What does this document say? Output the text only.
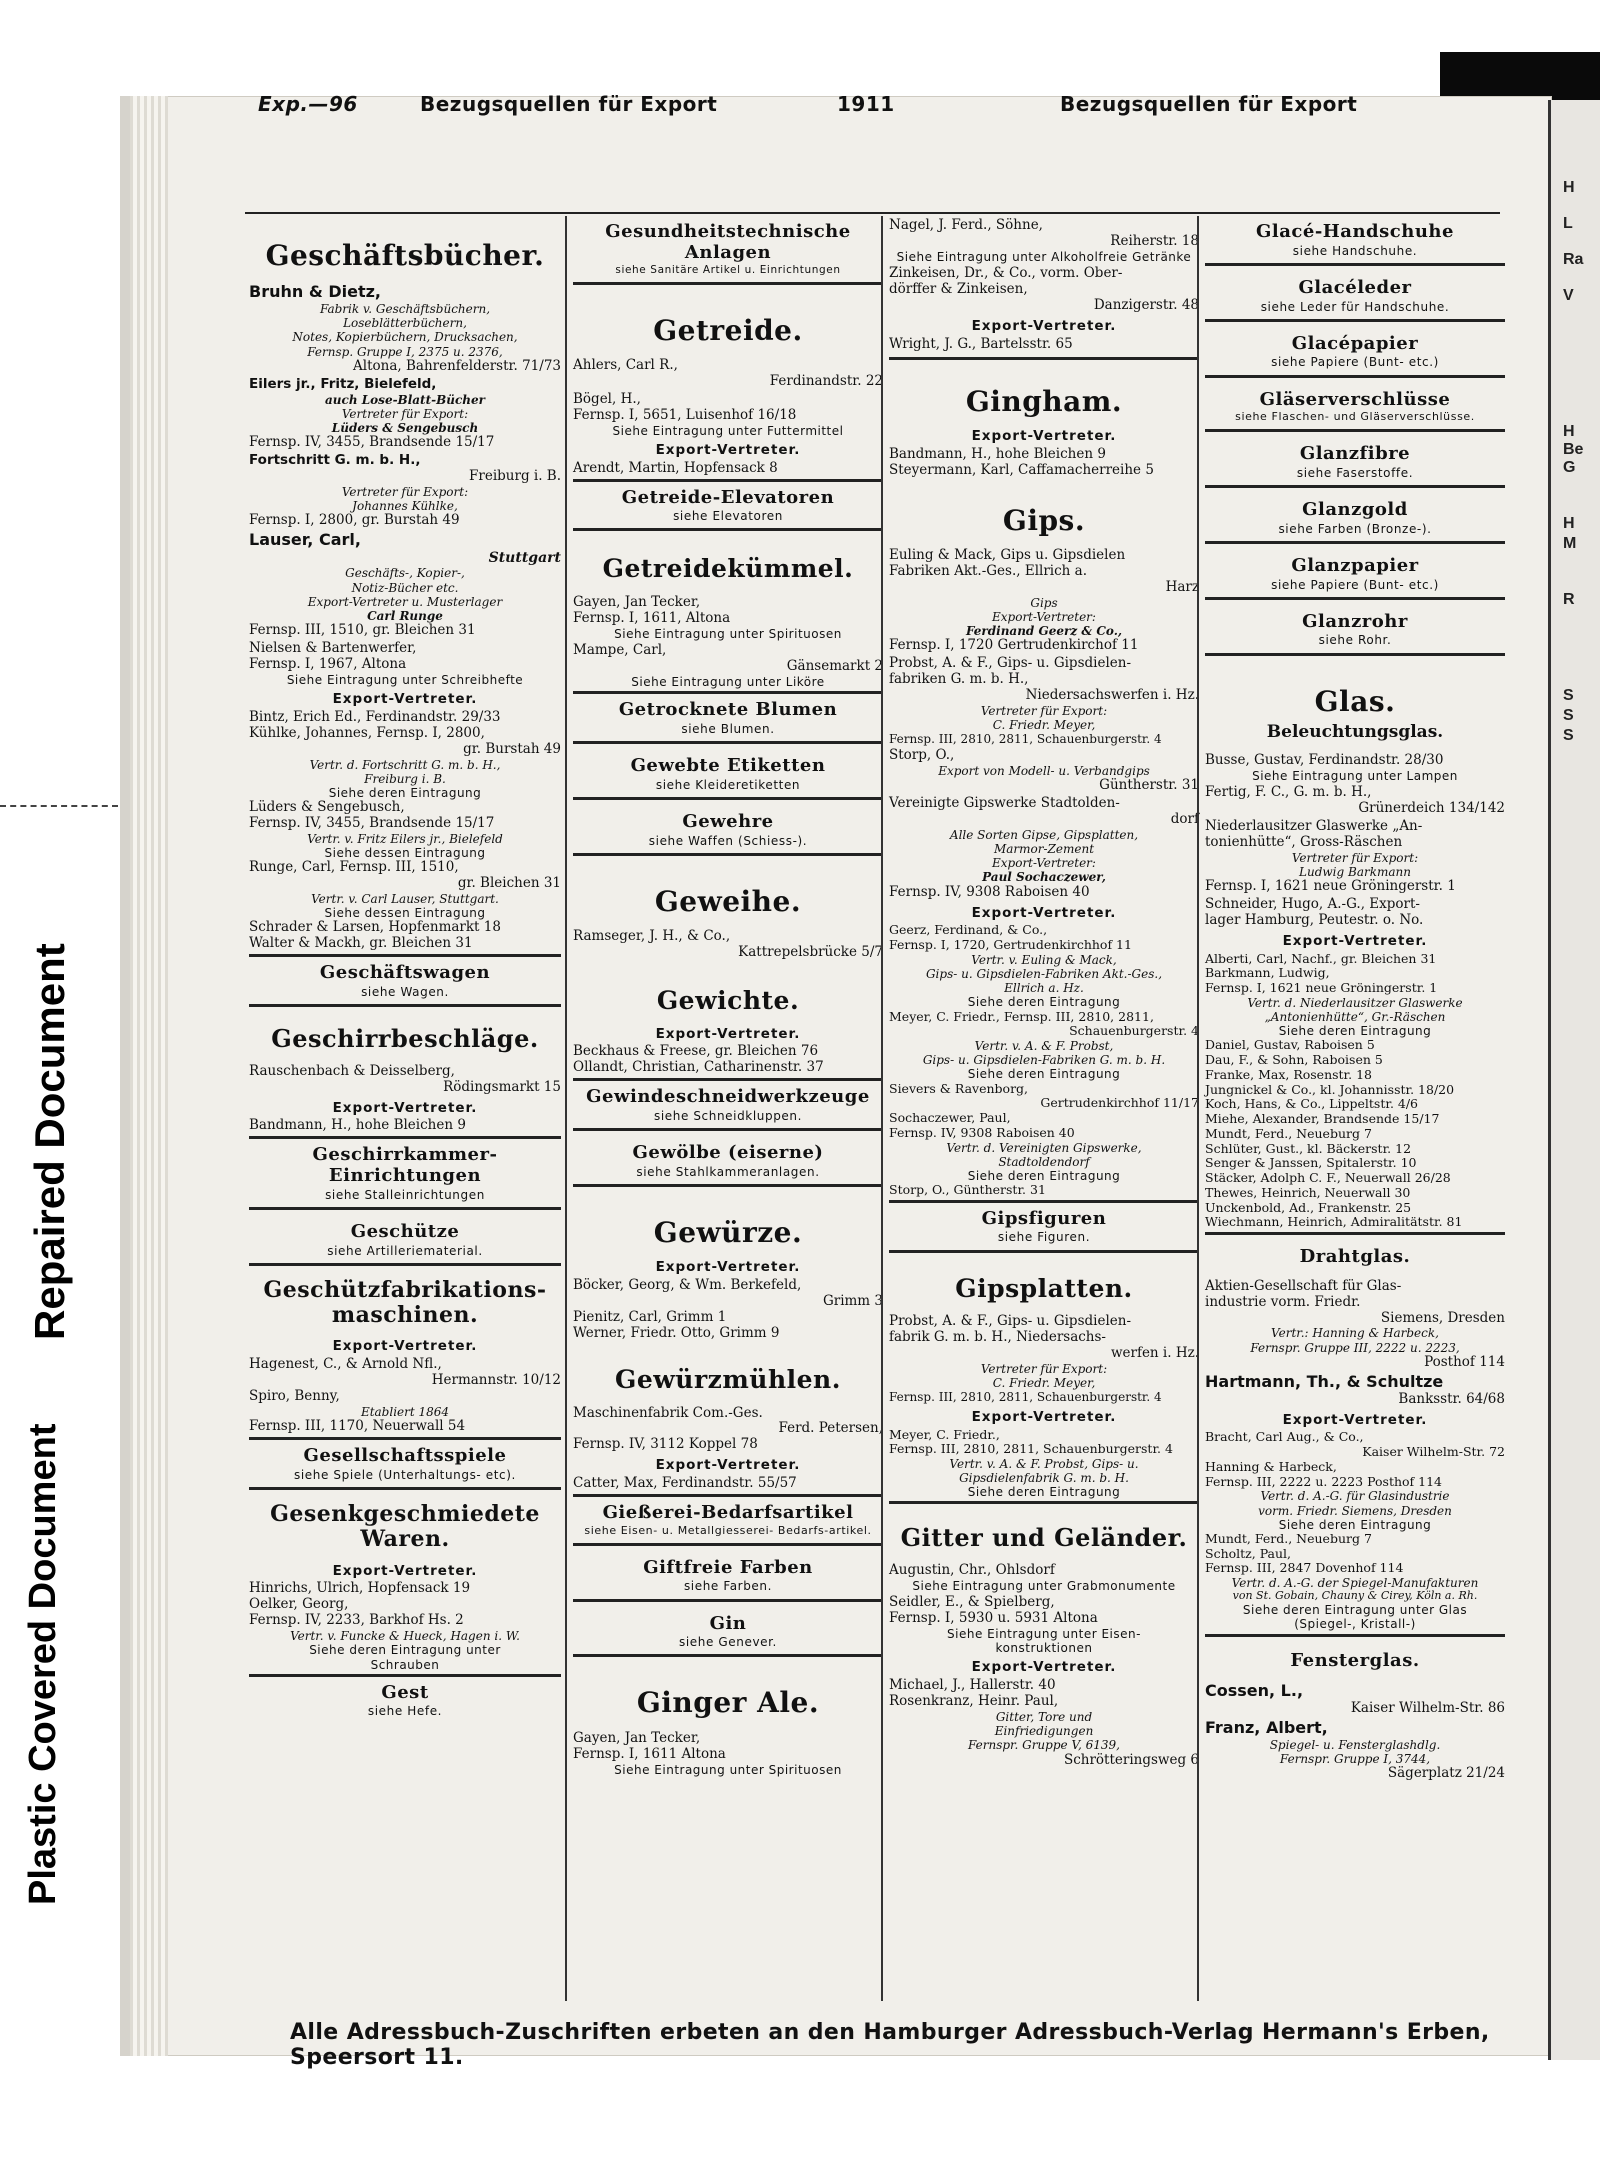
Repaired Document
Plastic Covered Document
H
L
Ra
V
H
Be
G
H
M
R
S
S
S
Exp.—96	Bezugsquellen für Export	1911	Bezugsquellen für Export
Geschäftsbücher.
Bruhn & Dietz,
Fabrik v. Geschäftsbüchern,
Loseblätterbüchern,
Notes, Kopierbüchern, Drucksachen,
Fernsp. Gruppe I, 2375 u. 2376,
Altona, Bahrenfelderstr. 71/73
Eilers jr., Fritz, Bielefeld,
auch Lose-Blatt-Bücher
Vertreter für Export:
Lüders & Sengebusch
Fernsp. IV, 3455, Brandsende 15/17
Fortschritt G. m. b. H.,
Freiburg i. B.
Vertreter für Export:
Johannes Kühlke,
Fernsp. I, 2800, gr. Burstah 49
Lauser, Carl,
Stuttgart
Geschäfts-, Kopier-,
Notiz-Bücher etc.
Export-Vertreter u. Musterlager
Carl Runge
Fernsp. III, 1510, gr. Bleichen 31
Nielsen & Bartenwerfer,
Fernsp. I, 1967, Altona
Siehe Eintragung unter Schreibhefte
Export-Vertreter.
Bintz, Erich Ed., Ferdinandstr. 29/33
Kühlke, Johannes, Fernsp. I, 2800,
gr. Burstah 49
Vertr. d. Fortschritt G. m. b. H.,
Freiburg i. B.
Siehe deren Eintragung
Lüders & Sengebusch,
Fernsp. IV, 3455, Brandsende 15/17
Vertr. v. Fritz Eilers jr., Bielefeld
Siehe dessen Eintragung
Runge, Carl, Fernsp. III, 1510,
gr. Bleichen 31
Vertr. v. Carl Lauser, Stuttgart.
Siehe dessen Eintragung
Schrader & Larsen, Hopfenmarkt 18
Walter & Mackh, gr. Bleichen 31
Geschäftswagen
siehe Wagen.
Geschirrbeschläge.
Rauschenbach & Deisselberg,
Rödingsmarkt 15
Export-Vertreter.
Bandmann, H., hohe Bleichen 9
Geschirrkammer-Einrichtungen
siehe Stalleinrichtungen
Geschütze
siehe Artilleriematerial.
Geschützfabrikations-maschinen.
Export-Vertreter.
Hagenest, C., & Arnold Nfl.,
Hermannstr. 10/12
Spiro, Benny,
Etabliert 1864
Fernsp. III, 1170, Neuerwall 54
Gesellschaftsspiele
siehe Spiele (Unterhaltungs- etc).
Gesenkgeschmiedete Waren.
Export-Vertreter.
Hinrichs, Ulrich, Hopfensack 19
Oelker, Georg,
Fernsp. IV, 2233, Barkhof Hs. 2
Vertr. v. Funcke & Hueck, Hagen i. W.
Siehe deren Eintragung unter
Schrauben
Gest
siehe Hefe.
Gesundheitstechnische Anlagen
siehe Sanitäre Artikel u. Einrichtungen
Getreide.
Ahlers, Carl R.,
Ferdinandstr. 22
Bögel, H.,
Fernsp. I, 5651, Luisenhof 16/18
Siehe Eintragung unter Futtermittel
Export-Vertreter.
Arendt, Martin, Hopfensack 8
Getreide-Elevatoren
siehe Elevatoren
Getreidekümmel.
Gayen, Jan Tecker,
Fernsp. I, 1611, Altona
Siehe Eintragung unter Spirituosen
Mampe, Carl,
Gänsemarkt 2
Siehe Eintragung unter Liköre
Getrocknete Blumen
siehe Blumen.
Gewebte Etiketten
siehe Kleideretiketten
Gewehre
siehe Waffen (Schiess-).
Geweihe.
Ramseger, J. H., & Co.,
Kattrepelsbrücke 5/7
Gewichte.
Export-Vertreter.
Beckhaus & Freese, gr. Bleichen 76
Ollandt, Christian, Catharinenstr. 37
Gewindeschneidwerkzeuge
siehe Schneidkluppen.
Gewölbe (eiserne)
siehe Stahlkammeranlagen.
Gewürze.
Export-Vertreter.
Böcker, Georg, & Wm. Berkefeld,
Grimm 3
Pienitz, Carl, Grimm 1
Werner, Friedr. Otto, Grimm 9
Gewürzmühlen.
Maschinenfabrik Com.-Ges.
Ferd. Petersen,
Fernsp. IV, 3112 Koppel 78
Export-Vertreter.
Catter, Max, Ferdinandstr. 55/57
Gießerei-Bedarfsartikel
siehe Eisen- u. Metallgiesserei- Bedarfs-artikel.
Giftfreie Farben
siehe Farben.
Gin
siehe Genever.
Ginger Ale.
Gayen, Jan Tecker,
Fernsp. I, 1611 Altona
Siehe Eintragung unter Spirituosen
Nagel, J. Ferd., Söhne,
Reiherstr. 18
Siehe Eintragung unter Alkoholfreie Getränke
Zinkeisen, Dr., & Co., vorm. Ober-
dörffer & Zinkeisen,
Danzigerstr. 48
Export-Vertreter.
Wright, J. G., Bartelsstr. 65
Gingham.
Export-Vertreter.
Bandmann, H., hohe Bleichen 9
Steyermann, Karl, Caffamacherreihe 5
Gips.
Euling & Mack, Gips u. Gipsdielen
Fabriken Akt.-Ges., Ellrich a.
Harz
Gips
Export-Vertreter:
Ferdinand Geerz & Co.,
Fernsp. I, 1720 Gertrudenkirchof 11
Probst, A. & F., Gips- u. Gipsdielen-
fabriken G. m. b. H.,
Niedersachswerfen i. Hz.
Vertreter für Export:
C. Friedr. Meyer,
Fernsp. III, 2810, 2811, Schauenburgerstr. 4
Storp, O.,
Export von Modell- u. Verbandgips
Güntherstr. 31
Vereinigte Gipswerke Stadtolden-
dorf
Alle Sorten Gipse, Gipsplatten,
Marmor-Zement
Export-Vertreter:
Paul Sochaczewer,
Fernsp. IV, 9308 Raboisen 40
Export-Vertreter.
Geerz, Ferdinand, & Co.,
Fernsp. I, 1720, Gertrudenkirchhof 11
Vertr. v. Euling & Mack,
Gips- u. Gipsdielen-Fabriken Akt.-Ges.,
Ellrich a. Hz.
Siehe deren Eintragung
Meyer, C. Friedr., Fernsp. III, 2810, 2811,
Schauenburgerstr. 4
Vertr. v. A. & F. Probst,
Gips- u. Gipsdielen-Fabriken G. m. b. H.
Siehe deren Eintragung
Sievers & Ravenborg,
Gertrudenkirchhof 11/17
Sochaczewer, Paul,
Fernsp. IV, 9308 Raboisen 40
Vertr. d. Vereinigten Gipswerke,
Stadtoldendorf
Siehe deren Eintragung
Storp, O., Güntherstr. 31
Gipsfiguren
siehe Figuren.
Gipsplatten.
Probst, A. & F., Gips- u. Gipsdielen-
fabrik G. m. b. H., Niedersachs-
werfen i. Hz.
Vertreter für Export:
C. Friedr. Meyer,
Fernsp. III, 2810, 2811, Schauenburgerstr. 4
Export-Vertreter.
Meyer, C. Friedr.,
Fernsp. III, 2810, 2811, Schauenburgerstr. 4
Vertr. v. A. & F. Probst, Gips- u.
Gipsdielenfabrik G. m. b. H.
Siehe deren Eintragung
Gitter und Geländer.
Augustin, Chr., Ohlsdorf
Siehe Eintragung unter Grabmonumente
Seidler, E., & Spielberg,
Fernsp. I, 5930 u. 5931 Altona
Siehe Eintragung unter Eisen-
konstruktionen
Export-Vertreter.
Michael, J., Hallerstr. 40
Rosenkranz, Heinr. Paul,
Gitter, Tore und
Einfriedigungen
Fernspr. Gruppe V, 6139,
Schrötteringsweg 6
Glacé-Handschuhe
siehe Handschuhe.
Glacéleder
siehe Leder für Handschuhe.
Glacépapier
siehe Papiere (Bunt- etc.)
Gläserverschlüsse
siehe Flaschen- und Gläserverschlüsse.
Glanzfibre
siehe Faserstoffe.
Glanzgold
siehe Farben (Bronze-).
Glanzpapier
siehe Papiere (Bunt- etc.)
Glanzrohr
siehe Rohr.
Glas.
Beleuchtungsglas.
Busse, Gustav, Ferdinandstr. 28/30
Siehe Eintragung unter Lampen
Fertig, F. C., G. m. b. H.,
Grünerdeich 134/142
Niederlausitzer Glaswerke „An-
tonienhütte“, Gross-Räschen
Vertreter für Export:
Ludwig Barkmann
Fernsp. I, 1621 neue Gröningerstr. 1
Schneider, Hugo, A.-G., Export-
lager Hamburg, Peutestr. o. No.
Export-Vertreter.
Alberti, Carl, Nachf., gr. Bleichen 31
Barkmann, Ludwig,
Fernsp. I, 1621 neue Gröningerstr. 1
Vertr. d. Niederlausitzer Glaswerke
„Antonienhütte“, Gr.-Räschen
Siehe deren Eintragung
Daniel, Gustav, Raboisen 5
Dau, F., & Sohn, Raboisen 5
Franke, Max, Rosenstr. 18
Jungnickel & Co., kl. Johannisstr. 18/20
Koch, Hans, & Co., Lippeltstr. 4/6
Miehe, Alexander, Brandsende 15/17
Mundt, Ferd., Neueburg 7
Schlüter, Gust., kl. Bäckerstr. 12
Senger & Janssen, Spitalerstr. 10
Stäcker, Adolph C. F., Neuerwall 26/28
Thewes, Heinrich, Neuerwall 30
Unckenbold, Ad., Frankenstr. 25
Wiechmann, Heinrich, Admiralitätstr. 81
Drahtglas.
Aktien-Gesellschaft für Glas-
industrie vorm. Friedr.
Siemens, Dresden
Vertr.: Hanning & Harbeck,
Fernspr. Gruppe III, 2222 u. 2223,
Posthof 114
Hartmann, Th., & Schultze
Banksstr. 64/68
Export-Vertreter.
Bracht, Carl Aug., & Co.,
Kaiser Wilhelm-Str. 72
Hanning & Harbeck,
Fernsp. III, 2222 u. 2223 Posthof 114
Vertr. d. A.-G. für Glasindustrie
vorm. Friedr. Siemens, Dresden
Siehe deren Eintragung
Mundt, Ferd., Neueburg 7
Scholtz, Paul,
Fernsp. III, 2847 Dovenhof 114
Vertr. d. A.-G. der Spiegel-Manufakturen
von St. Gobain, Chauny & Cirey, Köln a. Rh.
Siehe deren Eintragung unter Glas
(Spiegel-, Kristall-)
Fensterglas.
Cossen, L.,
Kaiser Wilhelm-Str. 86
Franz, Albert,
Spiegel- u. Fensterglashdlg.
Fernspr. Gruppe I, 3744,
Sägerplatz 21/24
Alle Adressbuch-Zuschriften erbeten an den Hamburger Adressbuch-Verlag Hermann's Erben, Speersort 11.
